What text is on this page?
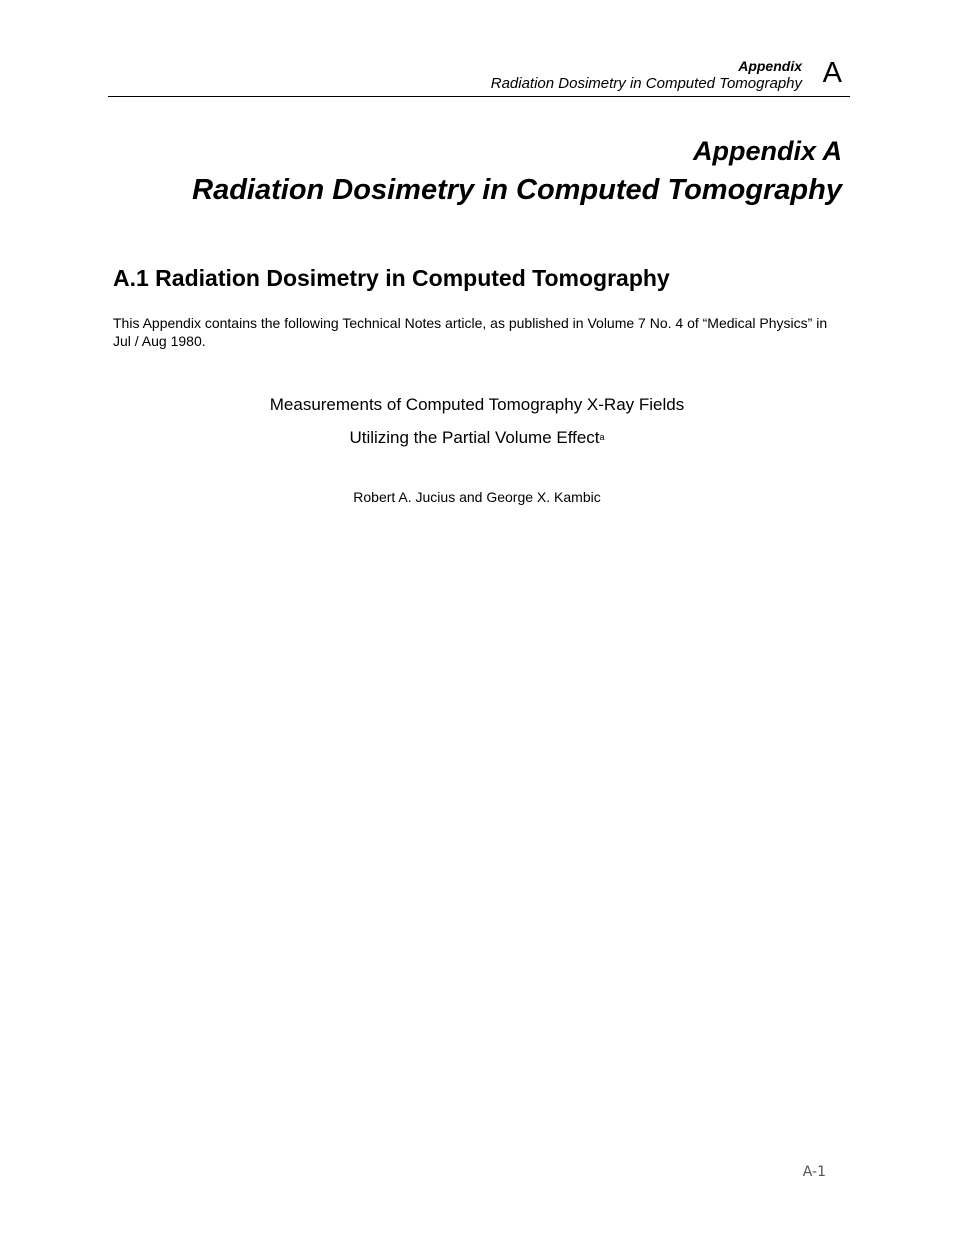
Appendix
Radiation Dosimetry in Computed Tomography A
Appendix A
Radiation Dosimetry in Computed Tomography
A.1 Radiation Dosimetry in Computed Tomography

This Appendix contains the following Technical Notes article, as published in Volume 7 No. 4 of “Medical Physics” in Jul / Aug 1980.

Measurements of Computed Tomography X-Ray Fields

Utilizing the Partial Volume Effect$^a$

Robert A. Jucius and George X. Kambic

A-1
